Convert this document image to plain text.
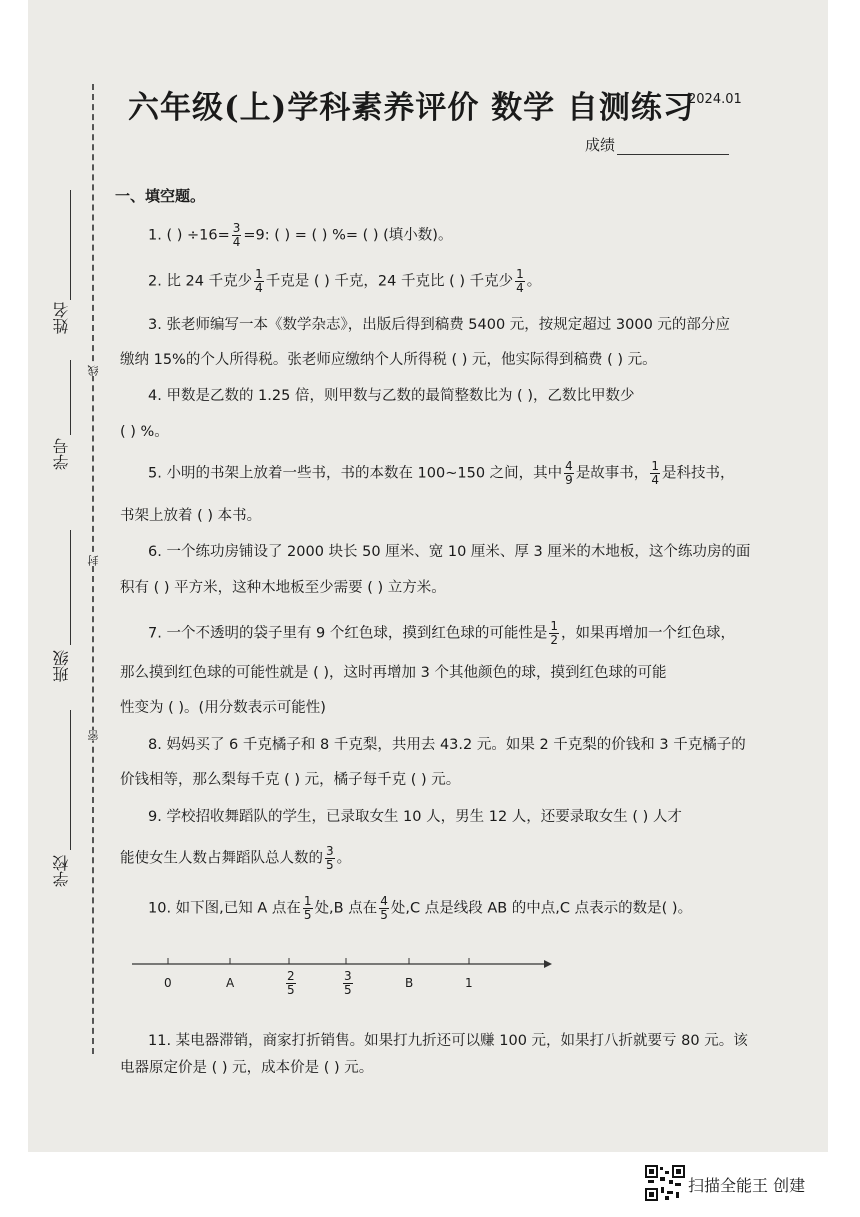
姓名
学号
班级
学校
线
封
密
六年级(上)学科素养评价 数学 自测练习
2024.01
成绩
一、填空题。
1. ( ) $\div 16= \frac{3}{4} =9$: ( ) = ( ) %= ( ) (填小数)。
2. 比 24 千克少 $\frac{1}{4}$ 千克是 ( ) 千克，24 千克比 ( ) 千克少 $\frac{1}{4}$ 。
3. 张老师编写一本《数学杂志》，出版后得到稿费 5400 元，按规定超过 3000 元的部分应
缴纳 15%的个人所得税。张老师应缴纳个人所得税 ( ) 元，他实际得到稿费 ( ) 元。
4. 甲数是乙数的 1.25 倍，则甲数与乙数的最简整数比为 ( )，乙数比甲数少
( ) %。
5. 小明的书架上放着一些书，书的本数在 100~150 之间，其中 $\frac{4}{9}$ 是故事书， $\frac{1}{4}$ 是科技书，
书架上放着 ( ) 本书。
6. 一个练功房铺设了 2000 块长 50 厘米、宽 10 厘米、厚 3 厘米的木地板，这个练功房的面
积有 ( ) 平方米，这种木地板至少需要 ( ) 立方米。
7. 一个不透明的袋子里有 9 个红色球，摸到红色球的可能性是 $\frac{1}{2}$ ，如果再增加一个红色球，
那么摸到红色球的可能性就是 ( )，这时再增加 3 个其他颜色的球，摸到红色球的可能
性变为 ( )。(用分数表示可能性)
8. 妈妈买了 6 千克橘子和 8 千克梨，共用去 43.2 元。如果 2 千克梨的价钱和 3 千克橘子的
价钱相等，那么梨每千克 ( ) 元，橘子每千克 ( ) 元。
9. 学校招收舞蹈队的学生，已录取女生 10 人，男生 12 人，还要录取女生 ( ) 人才
能使女生人数占舞蹈队总人数的 $\frac{3}{5}$ 。
10. 如下图,已知 A 点在 $\frac{1}{5}$ 处,B 点在 $\frac{4}{5}$ 处,C 点是线段 AB 的中点,C 点表示的数是( )。
0	A	$\frac{2}{5}$	$\frac{3}{5}$	B	1
11. 某电器滞销，商家打折销售。如果打九折还可以赚 100 元，如果打八折就要亏 80 元。该
电器原定价是 ( ) 元，成本价是 ( ) 元。
扫描全能王 创建
